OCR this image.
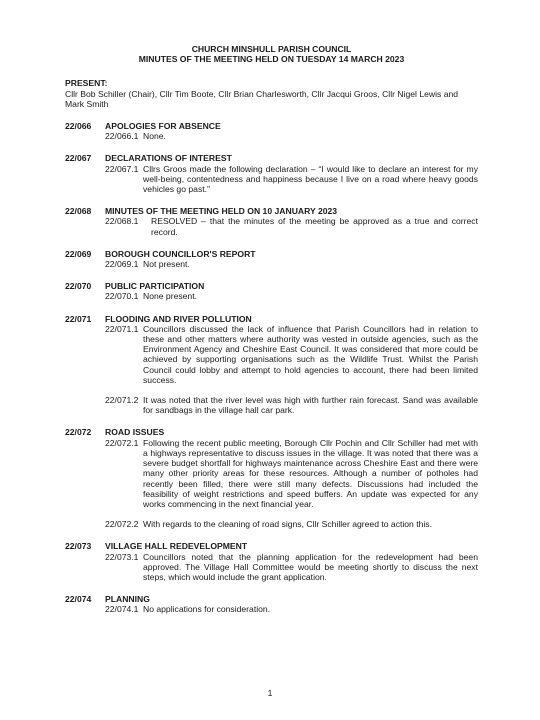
CHURCH MINSHULL PARISH COUNCIL
MINUTES OF THE MEETING HELD ON TUESDAY 14 MARCH 2023
PRESENT:
Cllr Bob Schiller (Chair), Cllr Tim Boote, Cllr Brian Charlesworth, Cllr Jacqui Groos, Cllr Nigel Lewis and Mark Smith
22/066	APOLOGIES FOR ABSENCE
22/066.1 None.
22/067	DECLARATIONS OF INTEREST
22/067.1 Cllrs Groos made the following declaration – “I would like to declare an interest for my well-being, contentedness and happiness because I live on a road where heavy goods vehicles go past.”
22/068	MINUTES OF THE MEETING HELD ON 10 JANUARY 2023
22/068.1	RESOLVED – that the minutes of the meeting be approved as a true and correct record.
22/069	BOROUGH COUNCILLOR'S REPORT
22/069.1 Not present.
22/070	PUBLIC PARTICIPATION
22/070.1 None present.
22/071	FLOODING AND RIVER POLLUTION
22/071.1 Councillors discussed the lack of influence that Parish Councillors had in relation to these and other matters where authority was vested in outside agencies, such as the Environment Agency and Cheshire East Council. It was considered that more could be achieved by supporting organisations such as the Wildlife Trust. Whilst the Parish Council could lobby and attempt to hold agencies to account, there had been limited success.
22/071.2 It was noted that the river level was high with further rain forecast. Sand was available for sandbags in the village hall car park.
22/072	ROAD ISSUES
22/072.1 Following the recent public meeting, Borough Cllr Pochin and Cllr Schiller had met with a highways representative to discuss issues in the village. It was noted that there was a severe budget shortfall for highways maintenance across Cheshire East and there were many other priority areas for these resources. Although a number of potholes had recently been filled, there were still many defects. Discussions had included the feasibility of weight restrictions and speed buffers. An update was expected for any works commencing in the next financial year.
22/072.2 With regards to the cleaning of road signs, Cllr Schiller agreed to action this.
22/073	VILLAGE HALL REDEVELOPMENT
22/073.1 Councillors noted that the planning application for the redevelopment had been approved. The Village Hall Committee would be meeting shortly to discuss the next steps, which would include the grant application.
22/074	PLANNING
22/074.1 No applications for consideration.
1
